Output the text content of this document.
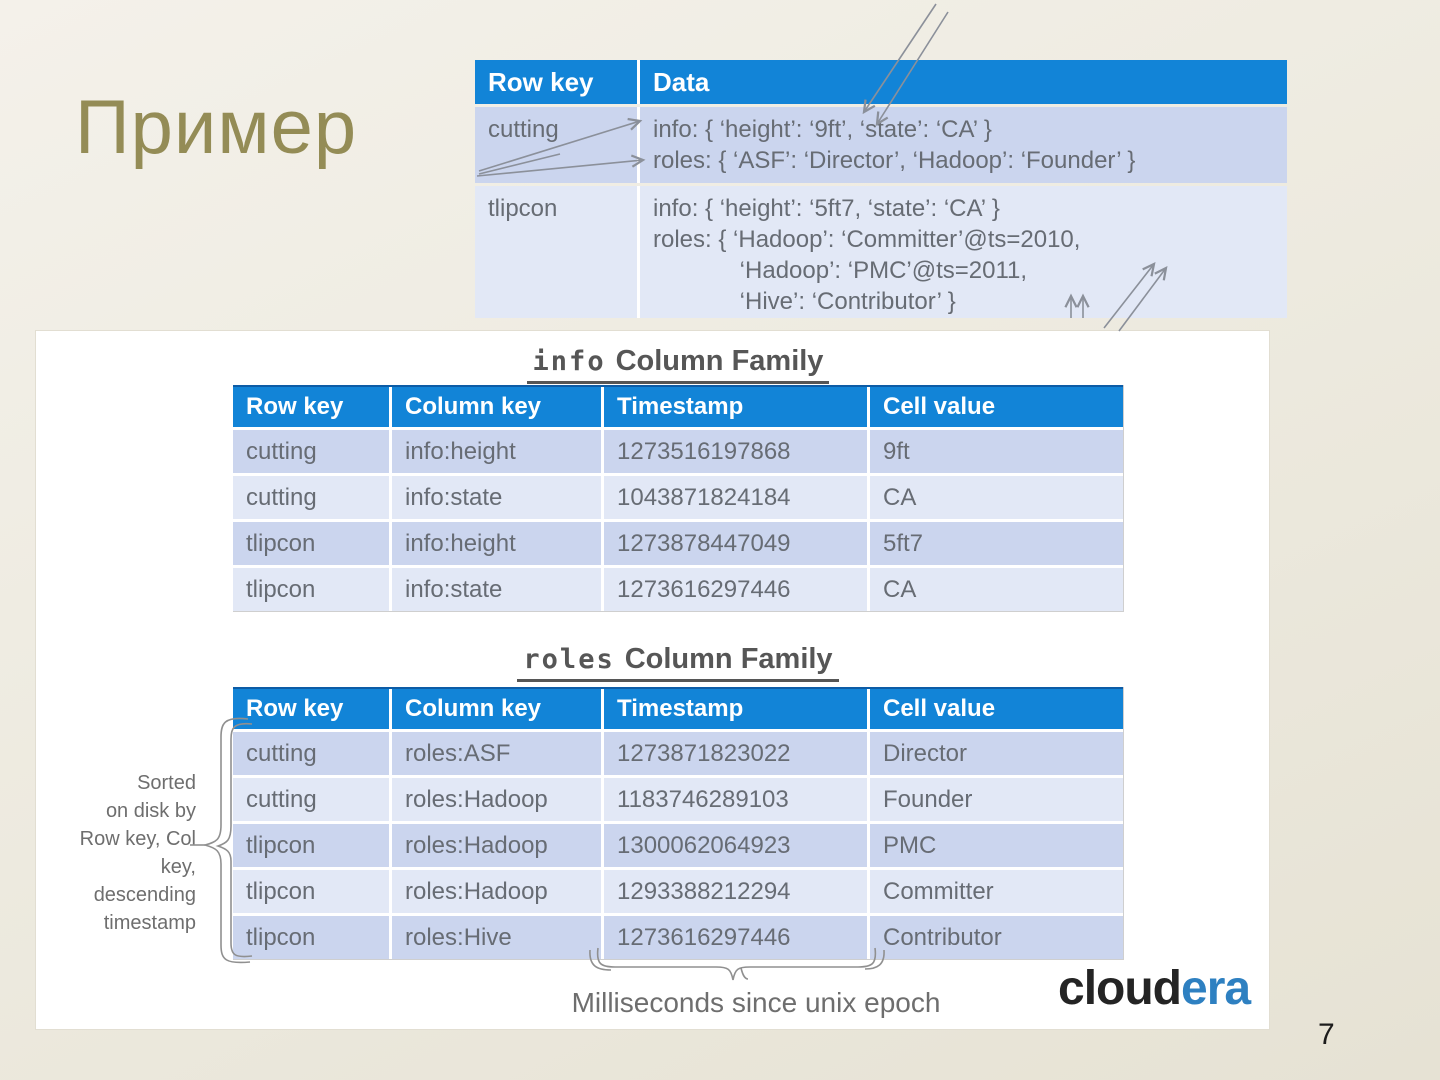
Пример
Row key	Data
cutting	info: { ‘height’: ‘9ft’, ‘state’: ‘CA’ }
roles: { ‘ASF’: ‘Director’, ‘Hadoop’: ‘Founder’ }
tlipcon	info: { ‘height’: ‘5ft7, ‘state’: ‘CA’ }
roles: { ‘Hadoop’: ‘Committer’@ts=2010,
‘Hadoop’: ‘PMC’@ts=2011,
‘Hive’: ‘Contributor’ }
info Column Family
Row key	Column key	Timestamp	Cell value
cutting	info:height	1273516197868	9ft
cutting	info:state	1043871824184	CA
tlipcon	info:height	1273878447049	5ft7
tlipcon	info:state	1273616297446	CA
roles Column Family
Row key	Column key	Timestamp	Cell value
cutting	roles:ASF	1273871823022	Director
cutting	roles:Hadoop	1183746289103	Founder
tlipcon	roles:Hadoop	1300062064923	PMC
tlipcon	roles:Hadoop	1293388212294	Committer
tlipcon	roles:Hive	1273616297446	Contributor
Sorted
on disk by
Row key, Col
key,
descending
timestamp
Milliseconds since unix epoch	cloudera
7
